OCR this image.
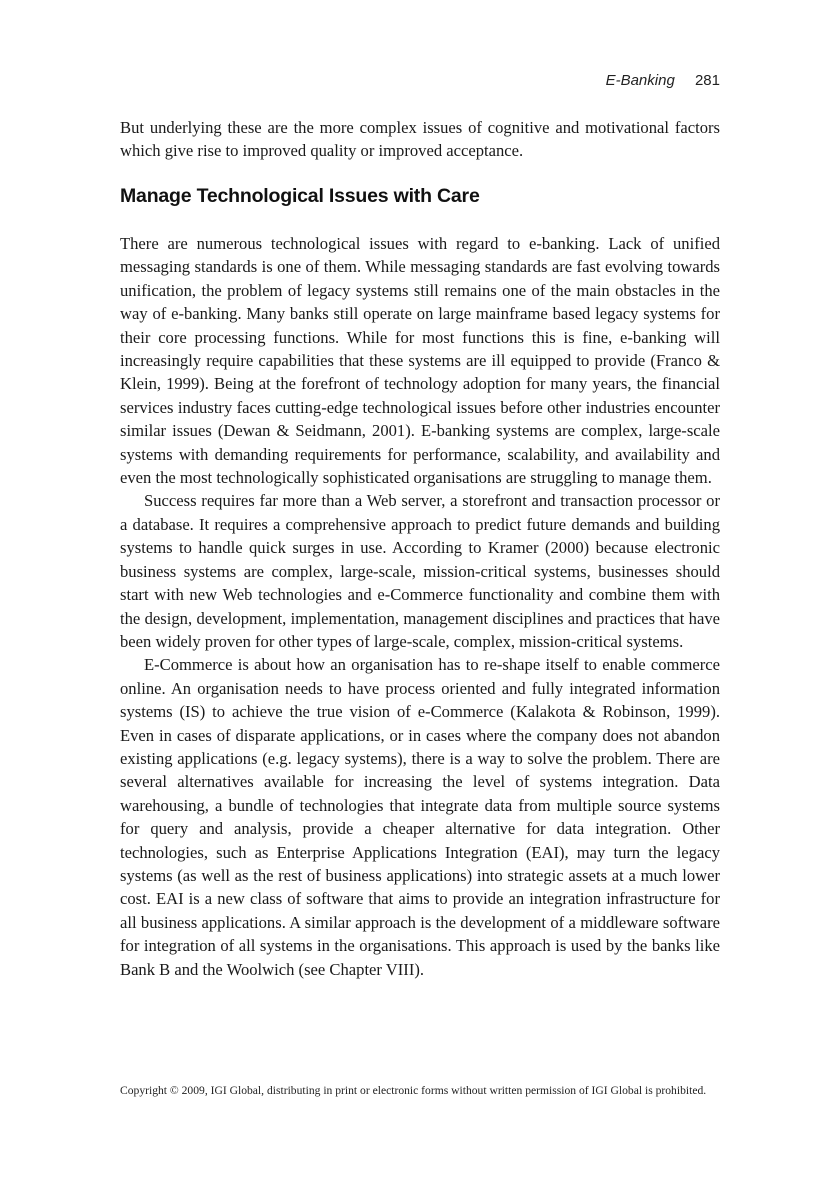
E-Banking 281

But underlying these are the more complex issues of cognitive and motivational factors which give rise to improved quality or improved acceptance.

Manage Technological Issues with Care

There are numerous technological issues with regard to e-banking. Lack of unified messaging standards is one of them. While messaging standards are fast evolving towards unification, the problem of legacy systems still remains one of the main obstacles in the way of e-banking. Many banks still operate on large mainframe based legacy systems for their core processing functions. While for most functions this is fine, e-banking will increasingly require capabilities that these systems are ill equipped to provide (Franco & Klein, 1999). Being at the forefront of technology adoption for many years, the financial services industry faces cutting-edge technological issues before other industries encounter similar issues (Dewan & Seidmann, 2001). E-banking systems are complex, large-scale systems with demanding requirements for performance, scalability, and availability and even the most technologically sophisticated organisations are struggling to manage them.

Success requires far more than a Web server, a storefront and transaction processor or a database. It requires a comprehensive approach to predict future demands and building systems to handle quick surges in use. According to Kramer (2000) because electronic business systems are complex, large-scale, mission-critical systems, businesses should start with new Web technologies and e-Commerce functionality and combine them with the design, development, implementation, management disciplines and practices that have been widely proven for other types of large-scale, complex, mission-critical systems.

E-Commerce is about how an organisation has to re-shape itself to enable commerce online. An organisation needs to have process oriented and fully integrated information systems (IS) to achieve the true vision of e-Commerce (Kalakota & Robinson, 1999). Even in cases of disparate applications, or in cases where the company does not abandon existing applications (e.g. legacy systems), there is a way to solve the problem. There are several alternatives available for increasing the level of systems integration. Data warehousing, a bundle of technologies that integrate data from multiple source systems for query and analysis, provide a cheaper alternative for data integration. Other technologies, such as Enterprise Applications Integration (EAI), may turn the legacy systems (as well as the rest of business applications) into strategic assets at a much lower cost. EAI is a new class of software that aims to provide an integration infrastructure for all business applications. A similar approach is the development of a middleware software for integration of all systems in the organisations. This approach is used by the banks like Bank B and the Woolwich (see Chapter VIII).

Copyright © 2009, IGI Global, distributing in print or electronic forms without written permission of IGI Global is prohibited.
